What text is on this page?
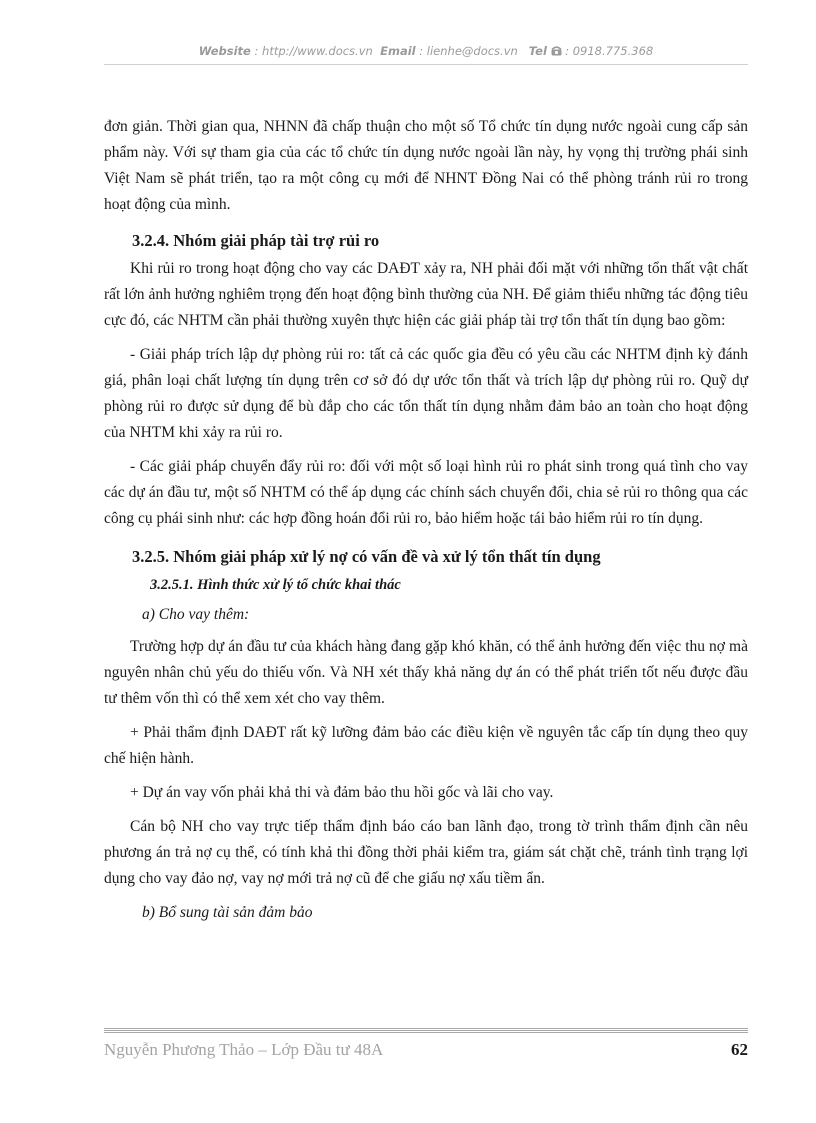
Website : http://www.docs.vn Email : lienhe@docs.vn Tel : 0918.775.368

đơn giản. Thời gian qua, NHNN đã chấp thuận cho một số Tổ chức tín dụng nước ngoài cung cấp sản phẩm này. Với sự tham gia của các tổ chức tín dụng nước ngoài lần này, hy vọng thị trường phái sinh Việt Nam sẽ phát triển, tạo ra một công cụ mới để NHNT Đồng Nai có thể phòng tránh rủi ro trong hoạt động của mình.

3.2.4. Nhóm giải pháp tài trợ rủi ro

Khi rủi ro trong hoạt động cho vay các DAĐT xảy ra, NH phải đối mặt với những tổn thất vật chất rất lớn ảnh hưởng nghiêm trọng đến hoạt động bình thường của NH. Để giảm thiểu những tác động tiêu cực đó, các NHTM cần phải thường xuyên thực hiện các giải pháp tài trợ tổn thất tín dụng bao gồm:

- Giải pháp trích lập dự phòng rủi ro: tất cả các quốc gia đều có yêu cầu các NHTM định kỳ đánh giá, phân loại chất lượng tín dụng trên cơ sở đó dự ước tổn thất và trích lập dự phòng rủi ro. Quỹ dự phòng rủi ro được sử dụng để bù đắp cho các tổn thất tín dụng nhằm đảm bảo an toàn cho hoạt động của NHTM khi xảy ra rủi ro.

- Các giải pháp chuyển đẩy rủi ro: đối với một số loại hình rủi ro phát sinh trong quá tình cho vay các dự án đầu tư, một số NHTM có thể áp dụng các chính sách chuyển đổi, chia sẻ rủi ro thông qua các công cụ phái sinh như: các hợp đồng hoán đổi rủi ro, bảo hiểm hoặc tái bảo hiểm rủi ro tín dụng.

3.2.5. Nhóm giải pháp xử lý nợ có vấn đề và xử lý tổn thất tín dụng

3.2.5.1. Hình thức xử lý tổ chức khai thác

a) Cho vay thêm:

Trường hợp dự án đầu tư của khách hàng đang gặp khó khăn, có thể ảnh hưởng đến việc thu nợ mà nguyên nhân chủ yếu do thiếu vốn. Và NH xét thấy khả năng dự án có thể phát triển tốt nếu được đầu tư thêm vốn thì có thể xem xét cho vay thêm.

+ Phải thẩm định DAĐT rất kỹ lưỡng đảm bảo các điều kiện về nguyên tắc cấp tín dụng theo quy chế hiện hành.

+ Dự án vay vốn phải khả thi và đảm bảo thu hồi gốc và lãi cho vay.

Cán bộ NH cho vay trực tiếp thẩm định báo cáo ban lãnh đạo, trong tờ trình thẩm định cần nêu phương án trả nợ cụ thể, có tính khả thi đồng thời phải kiểm tra, giám sát chặt chẽ, tránh tình trạng lợi dụng cho vay đảo nợ, vay nợ mới trả nợ cũ để che giấu nợ xấu tiềm ẩn.

b) Bổ sung tài sản đảm bảo

Nguyễn Phương Thảo – Lớp Đầu tư 48A	62
